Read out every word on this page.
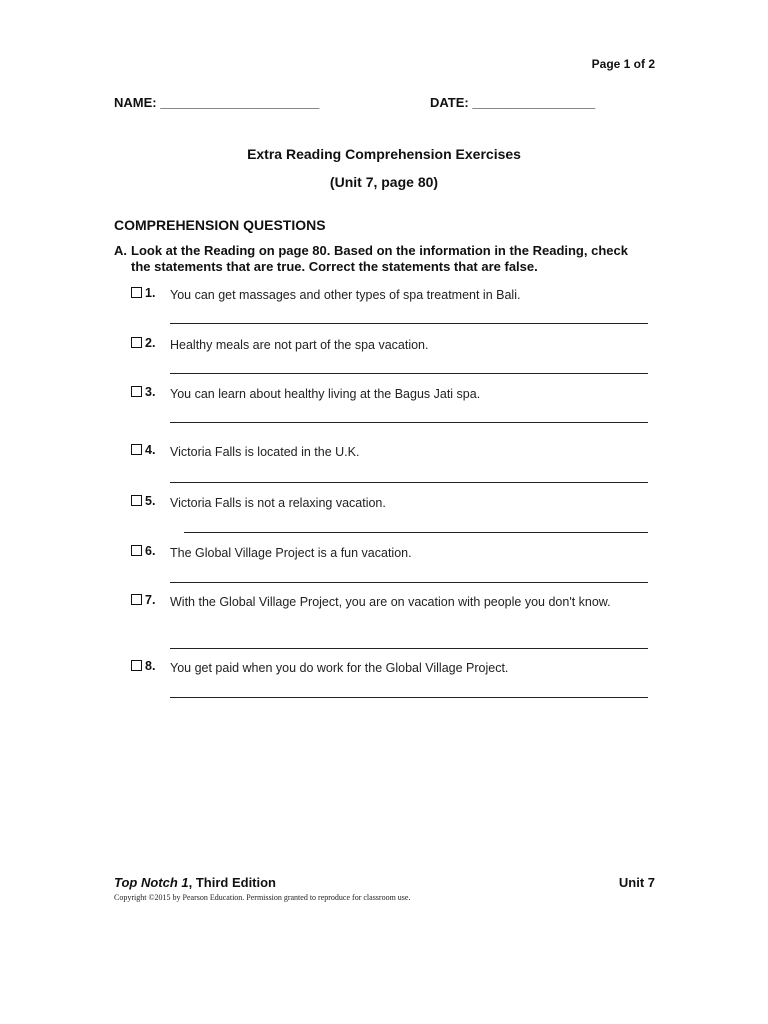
Page 1 of 2
NAME: ______________________	DATE: _________________
Extra Reading Comprehension Exercises
(Unit 7, page 80)
COMPREHENSION QUESTIONS
A. Look at the Reading on page 80. Based on the information in the Reading, check the statements that are true. Correct the statements that are false.
1. You can get massages and other types of spa treatment in Bali.
2. Healthy meals are not part of the spa vacation.
3. You can learn about healthy living at the Bagus Jati spa.
4. Victoria Falls is located in the U.K.
5. Victoria Falls is not a relaxing vacation.
6. The Global Village Project is a fun vacation.
7. With the Global Village Project, you are on vacation with people you don't know.
8. You get paid when you do work for the Global Village Project.
Top Notch 1, Third Edition	Unit 7
Copyright ©2015 by Pearson Education. Permission granted to reproduce for classroom use.
